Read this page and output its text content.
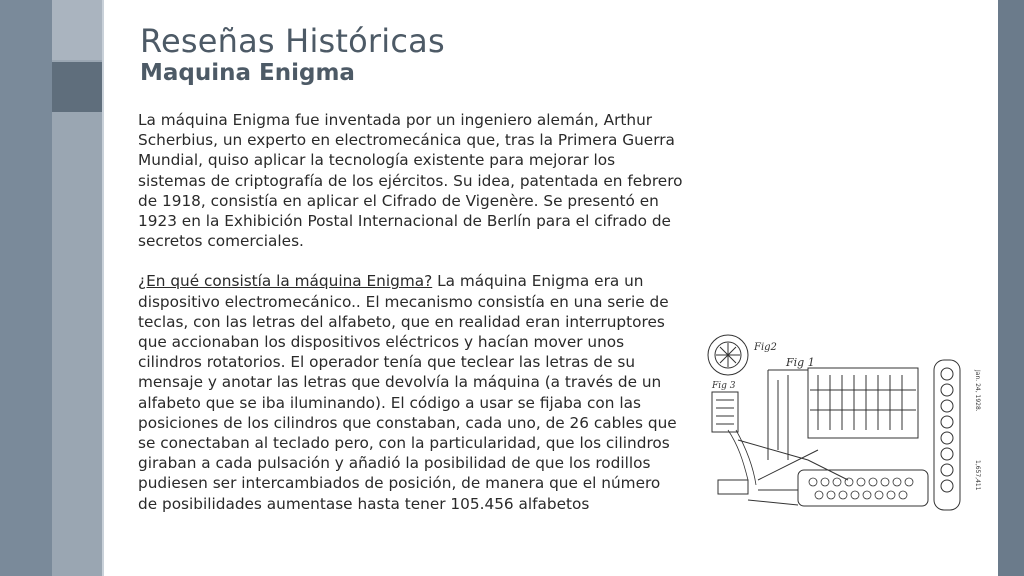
Reseñas Históricas
Maquina Enigma

La máquina Enigma fue inventada por un ingeniero alemán, Arthur Scherbius, un experto en electromecánica que, tras la Primera Guerra Mundial, quiso aplicar la tecnología existente para mejorar los sistemas de criptografía de los ejércitos. Su idea, patentada en febrero de 1918, consistía en aplicar el Cifrado de Vigenère. Se presentó en 1923 en la Exhibición Postal Internacional de Berlín para el cifrado de secretos comerciales.

¿En qué consistía la máquina Enigma? La máquina Enigma era un dispositivo electromecánico.. El mecanismo consistía en una serie de teclas, con las letras del alfabeto, que en realidad eran interruptores que accionaban los dispositivos eléctricos y hacían mover unos cilindros rotatorios. El operador tenía que teclear las letras de su mensaje y anotar las letras que devolvía la máquina (a través de un alfabeto que se iba iluminando). El código a usar se fijaba con las posiciones de los cilindros que constaban, cada uno, de 26 cables que se conectaban al teclado pero, con la particularidad, que los cilindros giraban a cada pulsación y añadió la posibilidad de que los rodillos pudiesen ser intercambiados de posición, de manera que el número de posibilidades aumentase hasta tener 105.456 alfabetos

Fig2
Fig 1
Fig 3	Jan. 24, 1928.
1,657,411
